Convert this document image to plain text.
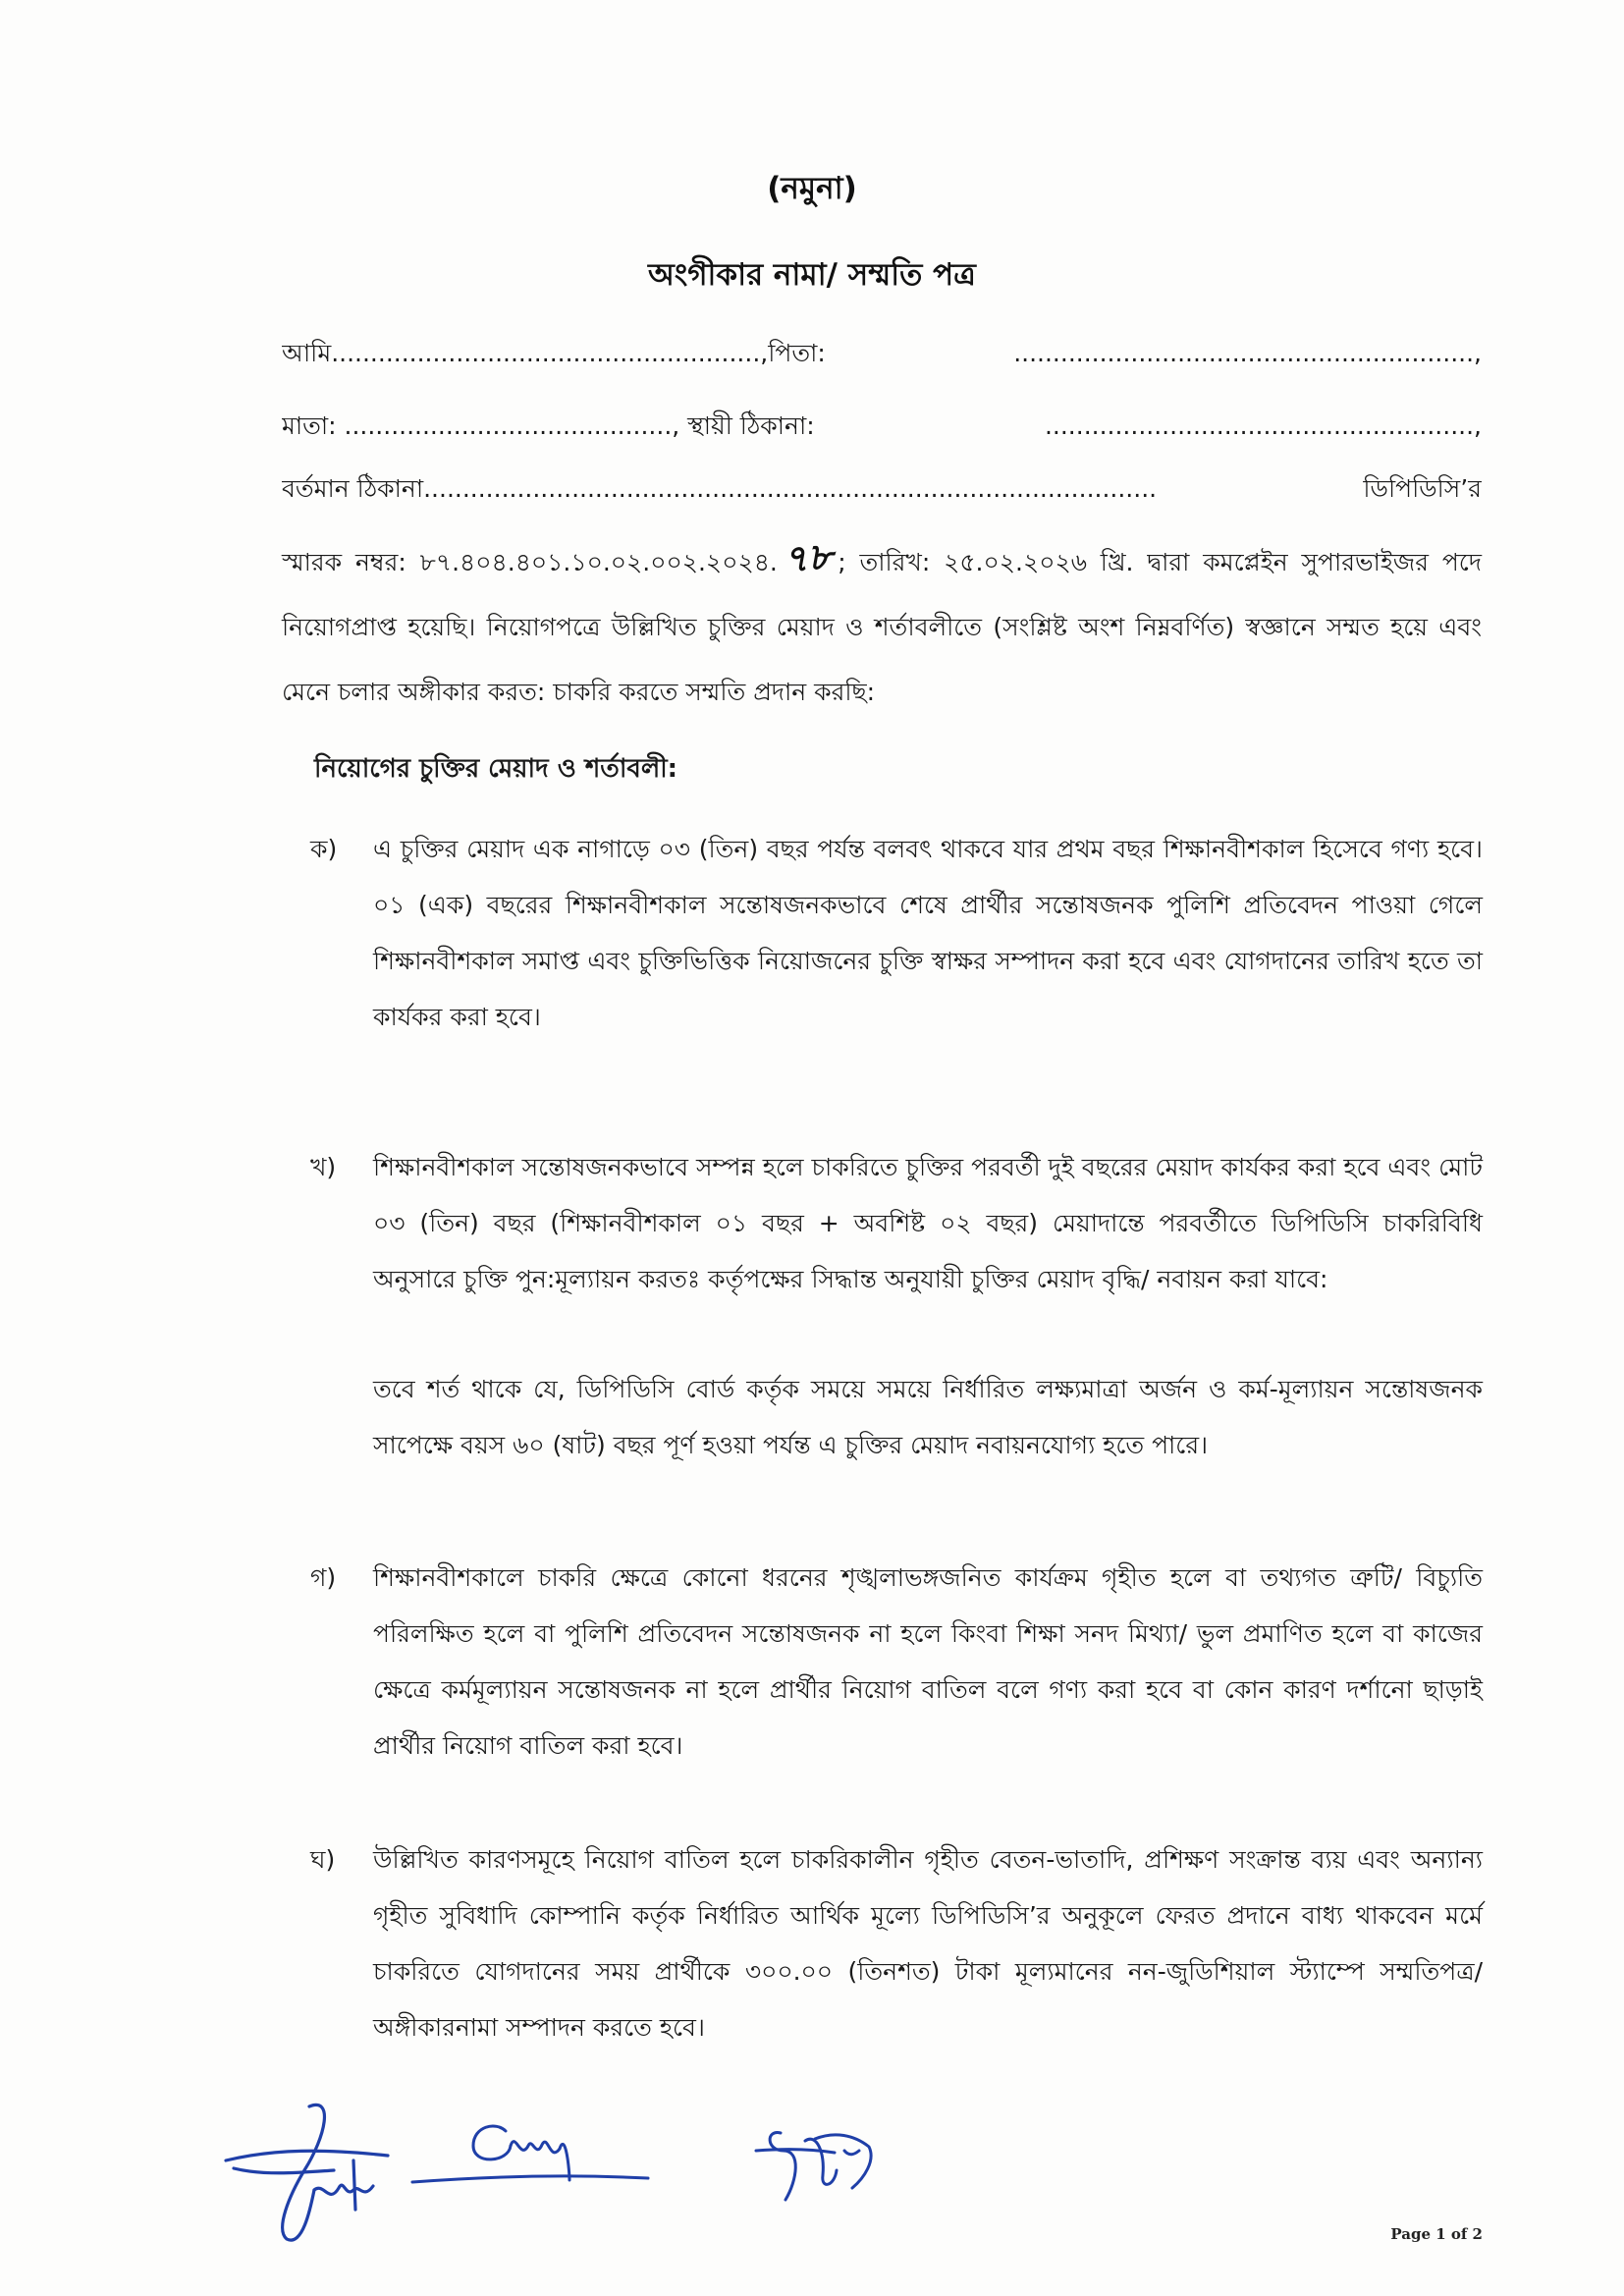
(নমুনা)
অংগীকার নামা/ সম্মতি পত্র
আমি.......................................................,পিতা:	...........................................................,
মাতা: .........................................., স্থায়ী ঠিকানা:	.......................................................,
বর্তমান ঠিকানা..............................................................................................	ডিপিডিসি’র
স্মারক নম্বর: ৮৭.৪০৪.৪০১.১০.০২.০০২.২০২৪. ৭৮ ; তারিখ: ২৫.০২.২০২৬ খ্রি. দ্বারা কমপ্লেইন সুপারভাইজর পদে নিয়োগপ্রাপ্ত হয়েছি। নিয়োগপত্রে উল্লিখিত চুক্তির মেয়াদ ও শর্তাবলীতে (সংশ্লিষ্ট অংশ নিম্নবর্ণিত) স্বজ্ঞানে সম্মত হয়ে এবং মেনে চলার অঙ্গীকার করত: চাকরি করতে সম্মতি প্রদান করছি:
নিয়োগের চুক্তির মেয়াদ ও শর্তাবলী:
ক) এ চুক্তির মেয়াদ এক নাগাড়ে ০৩ (তিন) বছর পর্যন্ত বলবৎ থাকবে যার প্রথম বছর শিক্ষানবীশকাল হিসেবে গণ্য হবে। ০১ (এক) বছরের শিক্ষানবীশকাল সন্তোষজনকভাবে শেষে প্রার্থীর সন্তোষজনক পুলিশি প্রতিবেদন পাওয়া গেলে শিক্ষানবীশকাল সমাপ্ত এবং চুক্তিভিত্তিক নিয়োজনের চুক্তি স্বাক্ষর সম্পাদন করা হবে এবং যোগদানের তারিখ হতে তা কার্যকর করা হবে।
খ) শিক্ষানবীশকাল সন্তোষজনকভাবে সম্পন্ন হলে চাকরিতে চুক্তির পরবর্তী দুই বছরের মেয়াদ কার্যকর করা হবে এবং মোট ০৩ (তিন) বছর (শিক্ষানবীশকাল ০১ বছর + অবশিষ্ট ০২ বছর) মেয়াদান্তে পরবর্তীতে ডিপিডিসি চাকরিবিধি অনুসারে চুক্তি পুন:মূল্যায়ন করতঃ কর্তৃপক্ষের সিদ্ধান্ত অনুযায়ী চুক্তির মেয়াদ বৃদ্ধি/ নবায়ন করা যাবে:
তবে শর্ত থাকে যে, ডিপিডিসি বোর্ড কর্তৃক সময়ে সময়ে নির্ধারিত লক্ষ্যমাত্রা অর্জন ও কর্ম-মূল্যায়ন সন্তোষজনক সাপেক্ষে বয়স ৬০ (ষাট) বছর পূর্ণ হওয়া পর্যন্ত এ চুক্তির মেয়াদ নবায়নযোগ্য হতে পারে।
গ) শিক্ষানবীশকালে চাকরি ক্ষেত্রে কোনো ধরনের শৃঙ্খলাভঙ্গজনিত কার্যক্রম গৃহীত হলে বা তথ্যগত ত্রুটি/ বিচ্যুতি পরিলক্ষিত হলে বা পুলিশি প্রতিবেদন সন্তোষজনক না হলে কিংবা শিক্ষা সনদ মিথ্যা/ ভুল প্রমাণিত হলে বা কাজের ক্ষেত্রে কর্মমূল্যায়ন সন্তোষজনক না হলে প্রার্থীর নিয়োগ বাতিল বলে গণ্য করা হবে বা কোন কারণ দর্শানো ছাড়াই প্রার্থীর নিয়োগ বাতিল করা হবে।
ঘ) উল্লিখিত কারণসমূহে নিয়োগ বাতিল হলে চাকরিকালীন গৃহীত বেতন-ভাতাদি, প্রশিক্ষণ সংক্রান্ত ব্যয় এবং অন্যান্য গৃহীত সুবিধাদি কোম্পানি কর্তৃক নির্ধারিত আর্থিক মূল্যে ডিপিডিসি’র অনুকূলে ফেরত প্রদানে বাধ্য থাকবেন মর্মে চাকরিতে যোগদানের সময় প্রার্থীকে ৩০০.০০ (তিনশত) টাকা মূল্যমানের নন-জুডিশিয়াল স্ট্যাম্পে সম্মতিপত্র/ অঙ্গীকারনামা সম্পাদন করতে হবে।
Page 1 of 2
